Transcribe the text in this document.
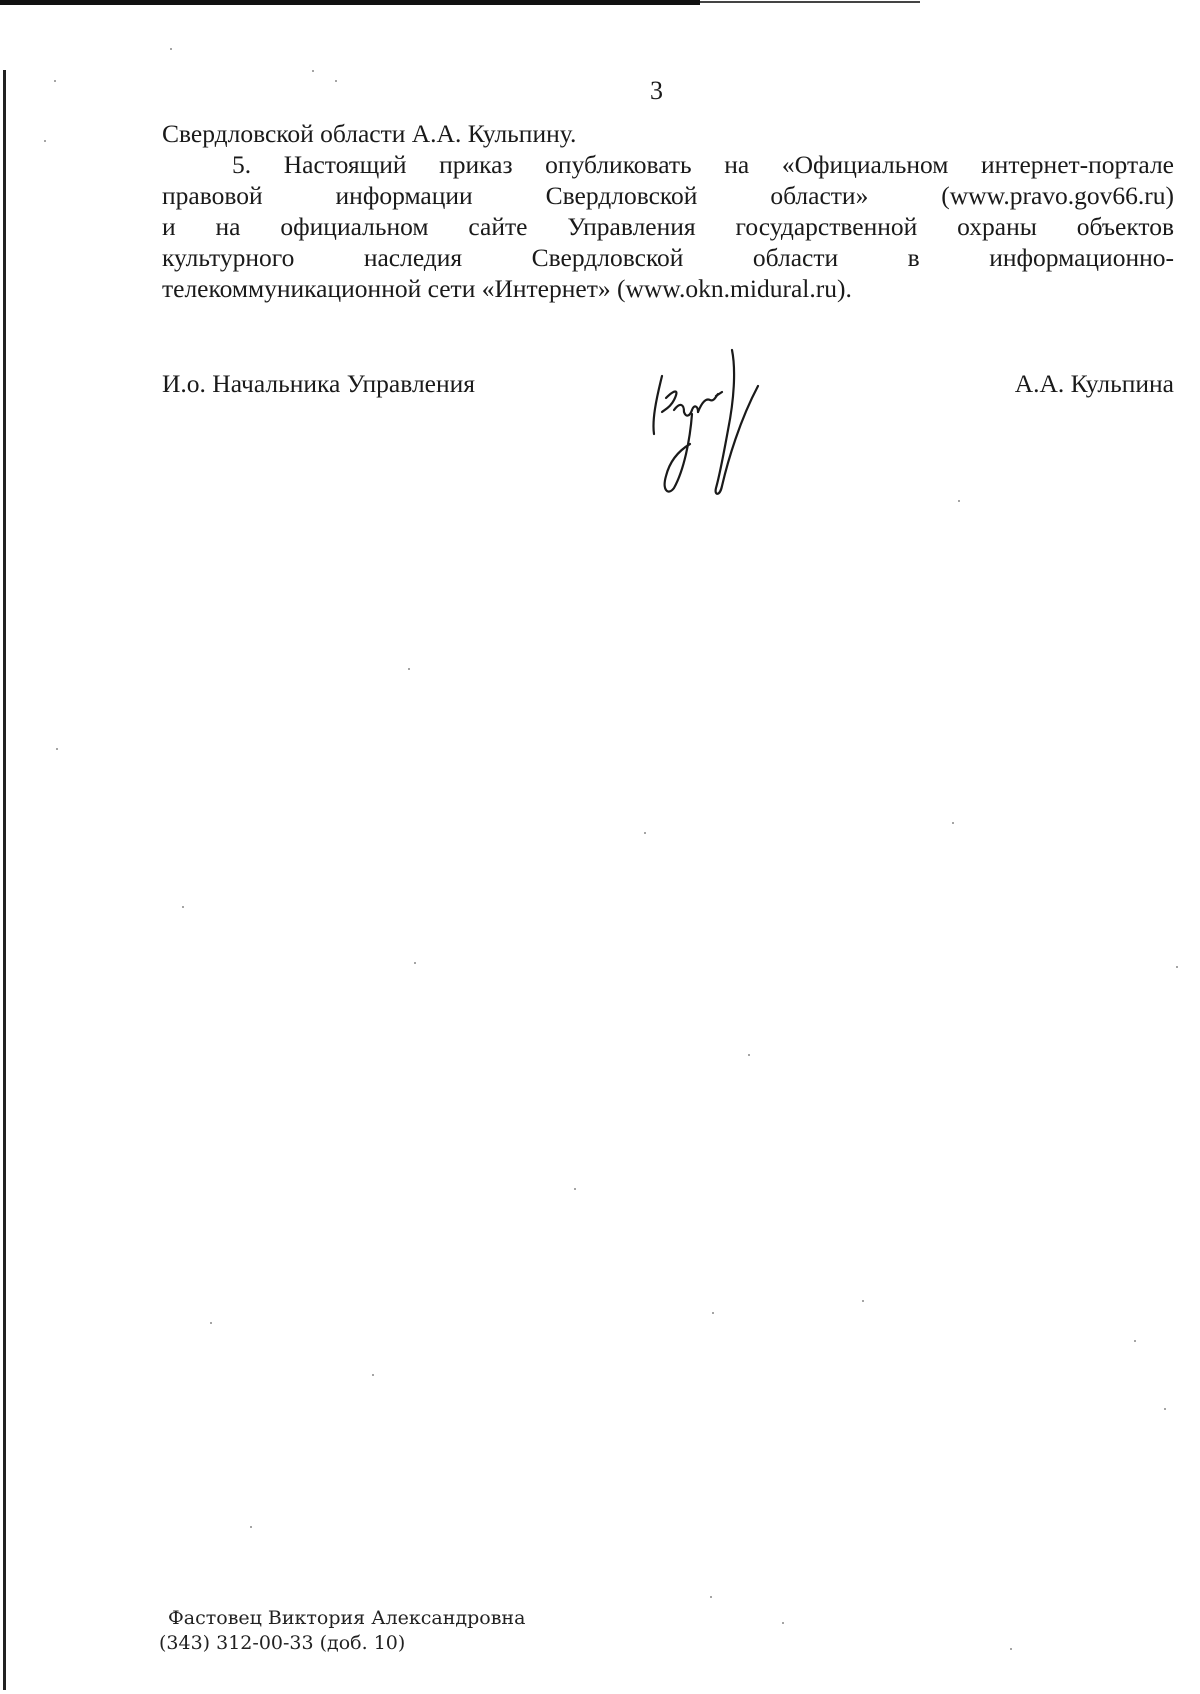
3
Свердловской области А.А. Кульпину.
5. Настоящий приказ опубликовать на «Официальном интернет-портале
правовой информации Свердловской области» (www.pravo.gov66.ru)
и на официальном сайте Управления государственной охраны объектов
культурного наследия Свердловской области в информационно-
телекоммуникационной сети «Интернет» (www.okn.midural.ru).
И.о. Начальника Управления	А.А. Кульпина
Фастовец Виктория Александровна
(343) 312-00-33 (доб. 10)
